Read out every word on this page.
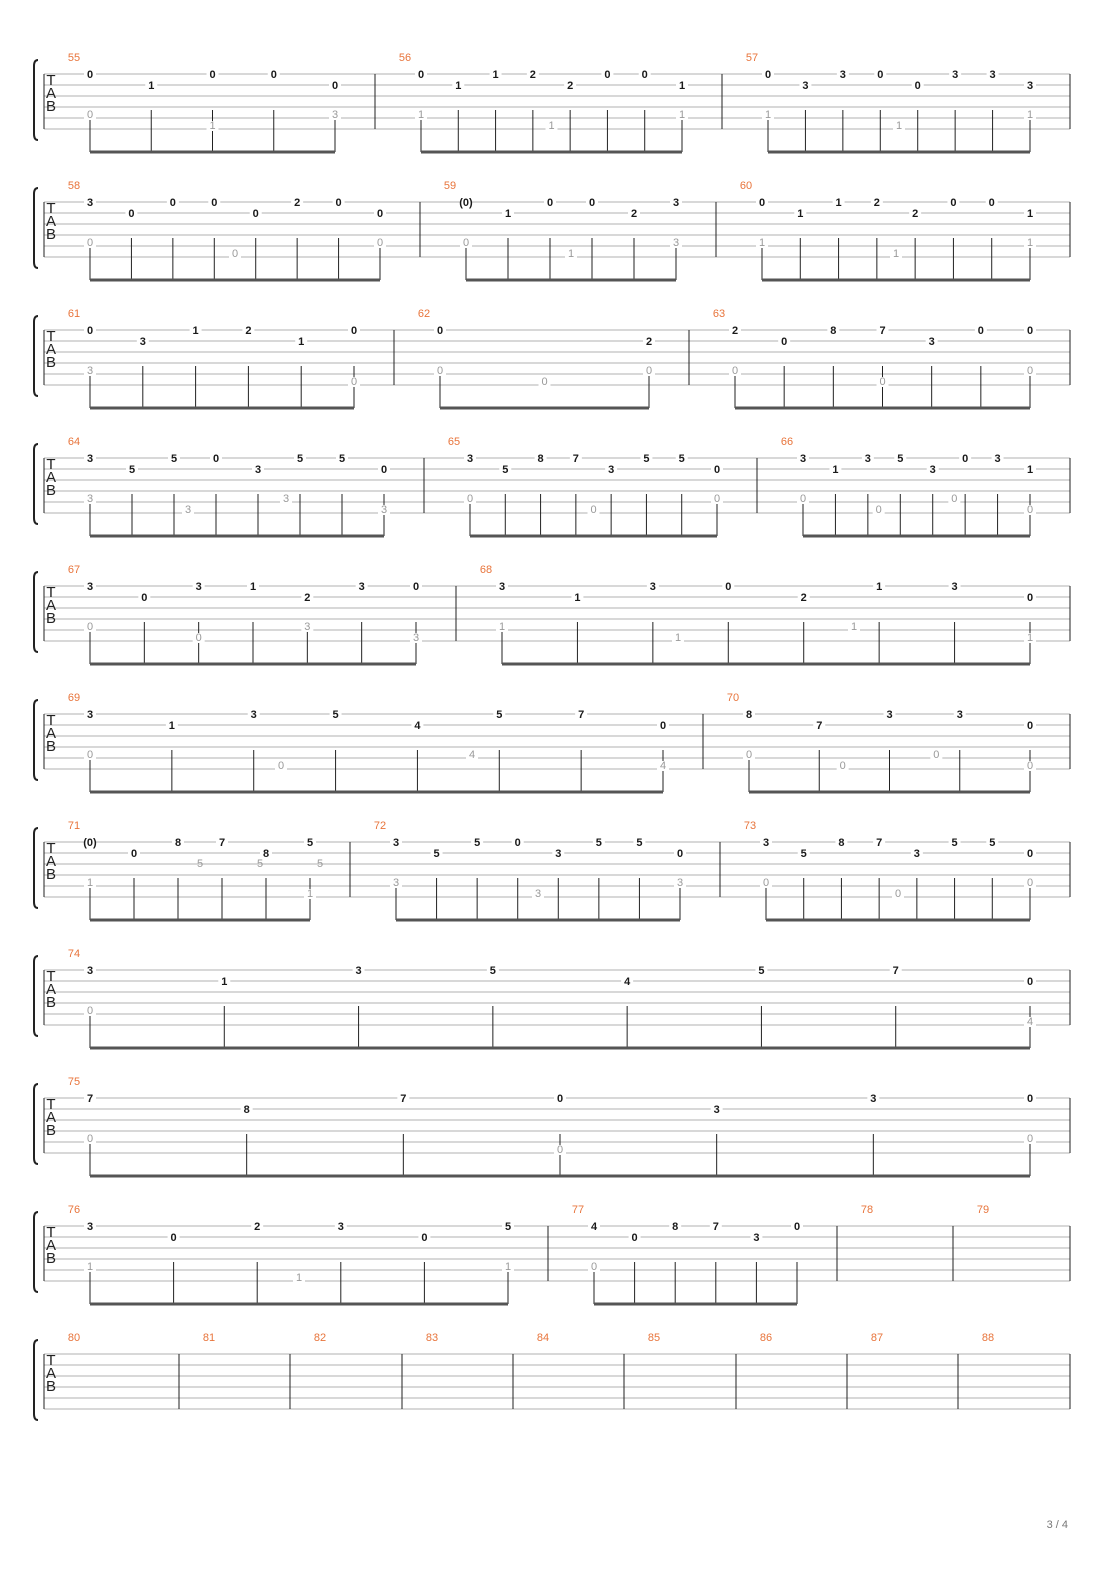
T
A
B
55
0
1
0	0
0
0
1
3
56
0
1
1	2
2
0	0
1
1
1
1
57
0
3
3	0
0
3	3
3
1
1
1
T
A
B
58
3
0
0	0
0
2	0
0
0
0
0
59
(0)
1
0	0
2
3
0
1
3
60
0
1
1	2
2
0	0
1
1
1
1
T
A
B
61
0
3
1	2
1
0
3
0
62
0
2
0
0
0
63
2
0
8	7
3
0	0
0
0
0
T
A
B
64
3
5
5	0
3
5	5
0
3
3
3
3
65
3
5
8	7
3
5	5
0
0
0
0
66
3
1
3 5
3
0 3
1
0
0
0
0
T
A
B
67
3
0
3	1
2
3	0
0
0
3
3
68
3
1
3	0
2
1	3
0
1
1
1
1
T
A
B
69
3
1
3	5
4
5	7
0
0
0
4
4
70
8
7
3	3
0
0
0
0
0
T
A
B
71
(0)
0
8	7
8
5
5	5	5
1
1
72
3
5
5	0
3
5	5
0
3
3
3
73
3
5
8	7
3
5	5
0
0
0
0
T
A
B
74
3
1
3	5
4
5	7
0
0
4
T
A
B
75
7
8
7	0
3
3	0
0
0
0
T
A
B
76
3
0
2	3
0
5
1
1
1
77
4
0
8	7
3
0
0
78	79
T
A
B
80	81	82	83	84	85	86	87	88
3 / 4
